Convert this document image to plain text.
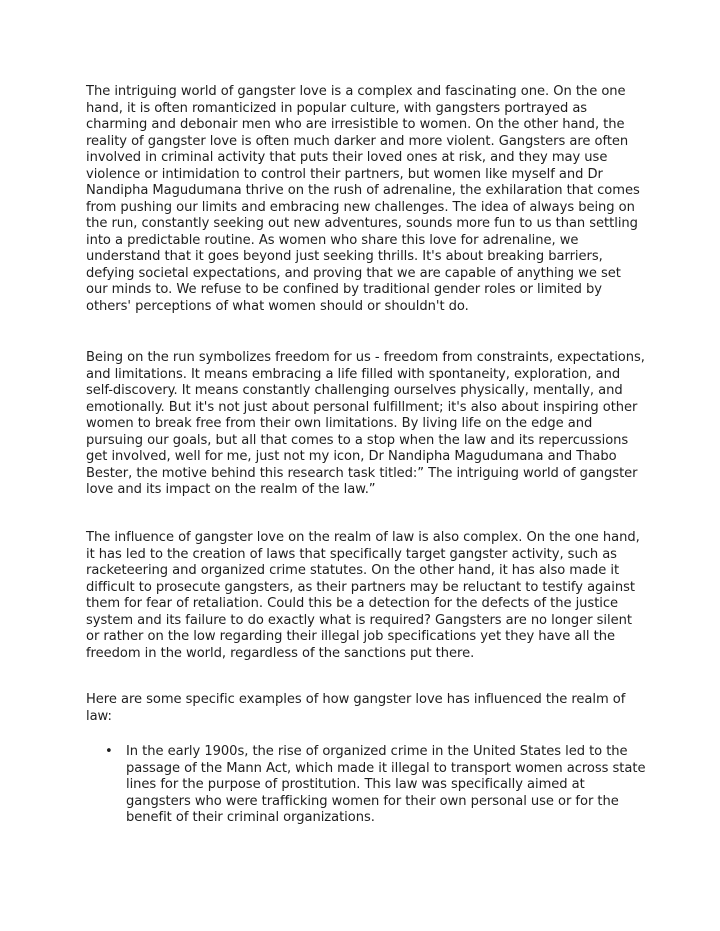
The intriguing world of gangster love is a complex and fascinating one. On the one hand, it is often romanticized in popular culture, with gangsters portrayed as charming and debonair men who are irresistible to women. On the other hand, the reality of gangster love is often much darker and more violent. Gangsters are often involved in criminal activity that puts their loved ones at risk, and they may use violence or intimidation to control their partners, but women like myself and Dr Nandipha Magudumana thrive on the rush of adrenaline, the exhilaration that comes from pushing our limits and embracing new challenges. The idea of always being on the run, constantly seeking out new adventures, sounds more fun to us than settling into a predictable routine. As women who share this love for adrenaline, we understand that it goes beyond just seeking thrills. It's about breaking barriers, defying societal expectations, and proving that we are capable of anything we set our minds to. We refuse to be confined by traditional gender roles or limited by others' perceptions of what women should or shouldn't do.

Being on the run symbolizes freedom for us - freedom from constraints, expectations, and limitations. It means embracing a life filled with spontaneity, exploration, and self-discovery. It means constantly challenging ourselves physically, mentally, and emotionally. But it's not just about personal fulfillment; it's also about inspiring other women to break free from their own limitations. By living life on the edge and pursuing our goals, but all that comes to a stop when the law and its repercussions get involved, well for me, just not my icon, Dr Nandipha Magudumana and Thabo Bester, the motive behind this research task titled:” The intriguing world of gangster love and its impact on the realm of the law.”

The influence of gangster love on the realm of law is also complex. On the one hand, it has led to the creation of laws that specifically target gangster activity, such as racketeering and organized crime statutes. On the other hand, it has also made it difficult to prosecute gangsters, as their partners may be reluctant to testify against them for fear of retaliation. Could this be a detection for the defects of the justice system and its failure to do exactly what is required? Gangsters are no longer silent or rather on the low regarding their illegal job specifications yet they have all the freedom in the world, regardless of the sanctions put there.

Here are some specific examples of how gangster love has influenced the realm of law:

• In the early 1900s, the rise of organized crime in the United States led to the passage of the Mann Act, which made it illegal to transport women across state lines for the purpose of prostitution. This law was specifically aimed at gangsters who were trafficking women for their own personal use or for the benefit of their criminal organizations.
